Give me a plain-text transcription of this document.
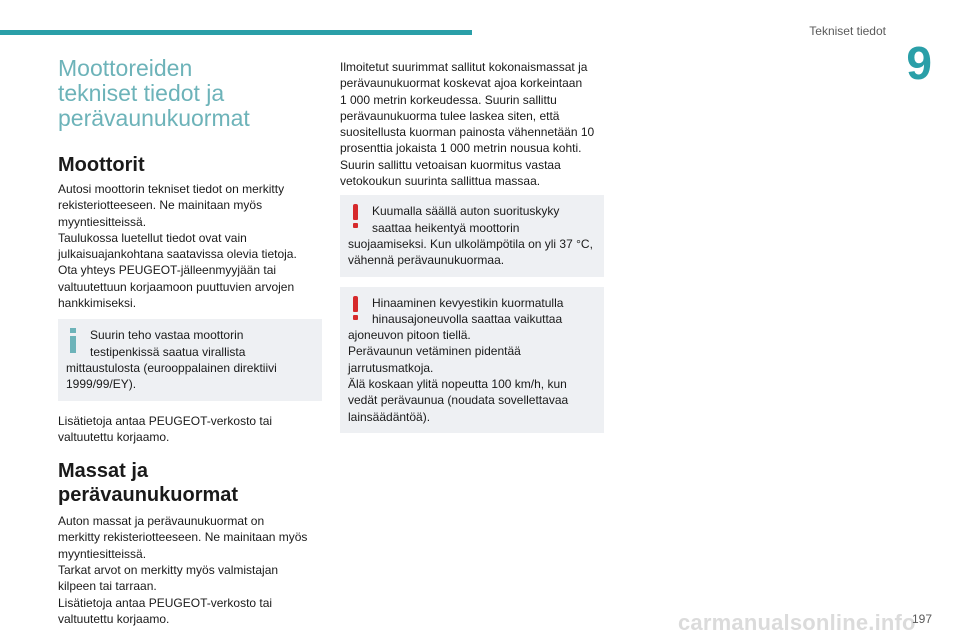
Tekniset tiedot
9
Moottoreiden
tekniset tiedot ja
perävaunukuormat
Moottorit
Autosi moottorin tekniset tiedot on merkitty
rekisteriotteeseen. Ne mainitaan myös
myyntiesitteissä.
Taulukossa luetellut tiedot ovat vain
julkaisuajankohtana saatavissa olevia tietoja.
Ota yhteys PEUGEOT-jälleenmyyjään tai
valtuutettuun korjaamoon puuttuvien arvojen
hankkimiseksi.
Suurin teho vastaa moottorin
testipenkissä saatua virallista
mittaustulosta (eurooppalainen direktiivi
1999/99/EY).
Lisätietoja antaa PEUGEOT-verkosto tai
valtuutettu korjaamo.
Massat ja
perävaunukuormat
Auton massat ja perävaunukuormat on
merkitty rekisteriotteeseen. Ne mainitaan myös
myyntiesitteissä.
Tarkat arvot on merkitty myös valmistajan
kilpeen tai tarraan.
Lisätietoja antaa PEUGEOT-verkosto tai
valtuutettu korjaamo.
Ilmoitetut suurimmat sallitut kokonaismassat ja
perävaunukuormat koskevat ajoa korkeintaan
1 000 metrin korkeudessa. Suurin sallittu
perävaunukuorma tulee laskea siten, että
suositellusta kuorman painosta vähennetään 10
prosenttia jokaista 1 000 metrin nousua kohti.
Suurin sallittu vetoaisan kuormitus vastaa
vetokoukun suurinta sallittua massaa.
Kuumalla säällä auton suorituskyky
saattaa heikentyä moottorin
suojaamiseksi. Kun ulkolämpötila on yli 37 °C,
vähennä perävaunukuormaa.
Hinaaminen kevyestikin kuormatulla
hinausajoneuvolla saattaa vaikuttaa
ajoneuvon pitoon tiellä.
Perävaunun vetäminen pidentää
jarrutusmatkoja.
Älä koskaan ylitä nopeutta 100 km/h, kun
vedät perävaunua (noudata sovellettavaa
lainsäädäntöä).
carmanualsonline.info
197
